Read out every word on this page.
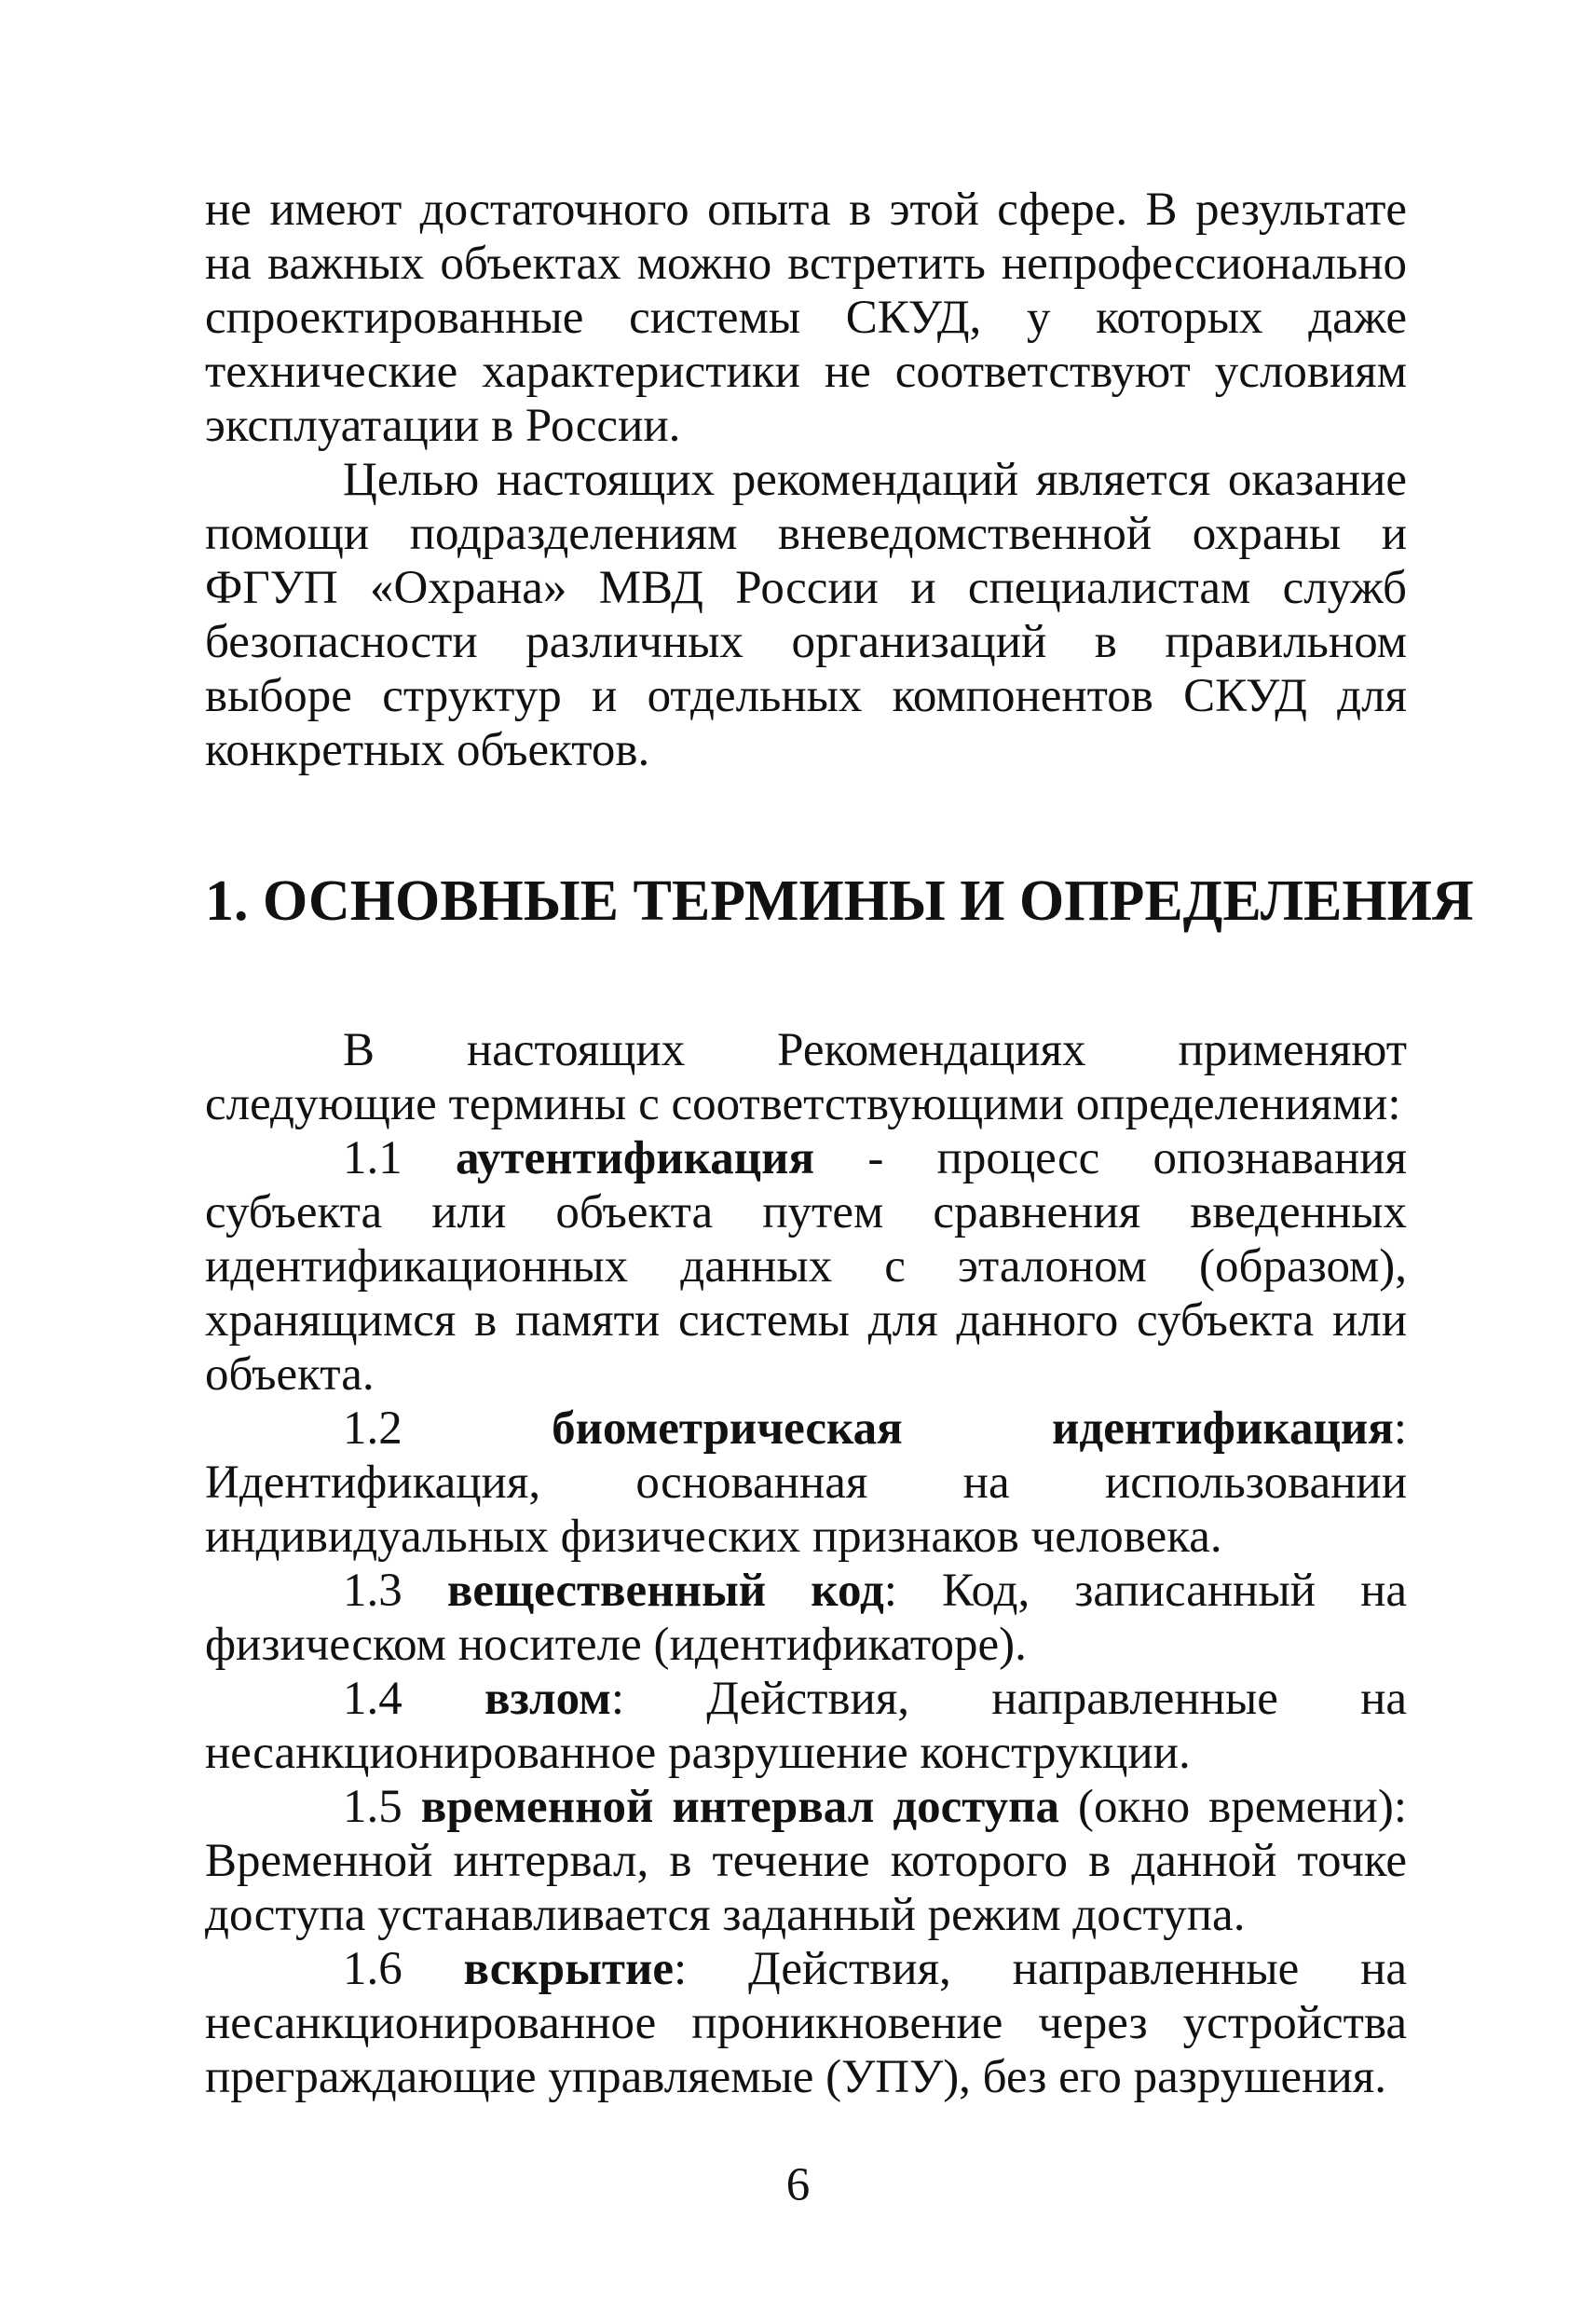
не имеют достаточного опыта в этой сфере. В результате на важных объектах можно встретить непрофессионально спроектированные системы СКУД, у которых даже технические характеристики не соответствуют условиям эксплуатации в России.

Целью настоящих рекомендаций является оказание помощи подразделениям вневедомственной охраны и ФГУП «Охрана» МВД России и специалистам служб безопасности различных организаций в правильном выборе структур и отдельных компонентов СКУД для конкретных объектов.

1. ОСНОВНЫЕ ТЕРМИНЫ И ОПРЕДЕЛЕНИЯ

В настоящих Рекомендациях применяют следующие термины с соответствующими определениями:

1.1 аутентификация - процесс опознавания субъекта или объекта путем сравнения введенных идентификационных данных с эталоном (образом), хранящимся в памяти системы для данного субъекта или объекта.

1.2 биометрическая идентификация: Идентификация, основанная на использовании индивидуальных физических признаков человека.

1.3 вещественный код: Код, записанный на физическом носителе (идентификаторе).

1.4 взлом: Действия, направленные на несанкционированное разрушение конструкции.

1.5 временной интервал доступа (окно времени): Временной интервал, в течение которого в данной точке доступа устанавливается заданный режим доступа.

1.6 вскрытие: Действия, направленные на несанкционированное проникновение через устройства преграждающие управляемые (УПУ), без его разрушения.

6
